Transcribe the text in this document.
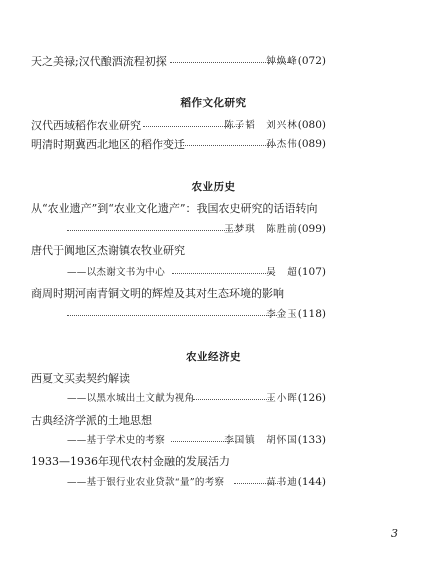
天之美禄;汉代酿酒流程初探	钟焕峰(072)
稻作文化研究
汉代西域稻作农业研究	陈子韬　刘兴林(080)
明清时期冀西北地区的稻作变迁	孙杰伟(089)
农业历史
从“农业遗产”到“农业文化遗产”：我国农史研究的话语转向
王梦琪　陈胜前(099)
唐代于阗地区杰谢镇农牧业研究
——以杰谢文书为中心	吴　超(107)
商周时期河南青铜文明的辉煌及其对生态环境的影响
李金玉(118)
农业经济史
西夏文买卖契约解读
——以黑水城出土文献为视角	王小晖(126)
古典经济学派的土地思想
——基于学术史的考察	李国镇　胡怀国(133)
1933—1936年现代农村金融的发展活力
——基于银行业农业贷款“量”的考察	苗书迪(144)
3
